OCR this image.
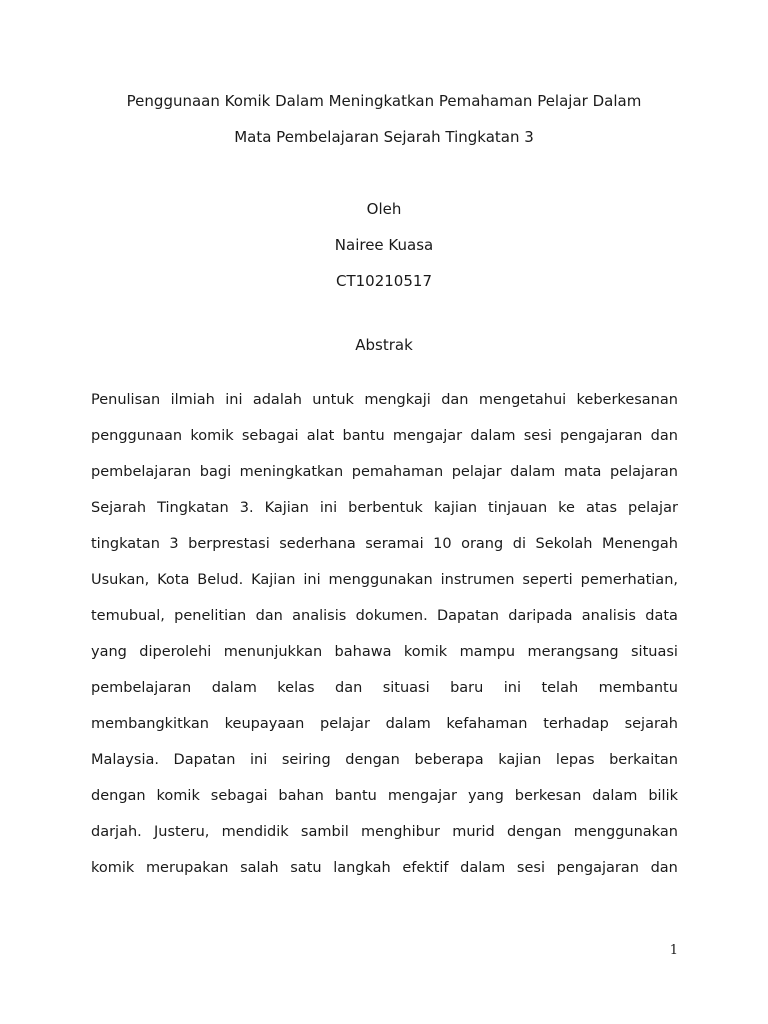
Penggunaan Komik Dalam Meningkatkan Pemahaman Pelajar Dalam
Mata Pembelajaran Sejarah Tingkatan 3
Oleh
Nairee Kuasa
CT10210517
Abstrak
Penulisan ilmiah ini adalah untuk mengkaji dan mengetahui keberkesanan
penggunaan komik sebagai alat bantu mengajar dalam sesi pengajaran dan
pembelajaran bagi meningkatkan pemahaman pelajar dalam mata pelajaran
Sejarah Tingkatan 3. Kajian ini berbentuk kajian tinjauan ke atas pelajar
tingkatan 3 berprestasi sederhana seramai 10 orang di Sekolah Menengah
Usukan, Kota Belud. Kajian ini menggunakan instrumen seperti pemerhatian,
temubual, penelitian dan analisis dokumen. Dapatan daripada analisis data
yang diperolehi menunjukkan bahawa komik mampu merangsang situasi
pembelajaran dalam kelas dan situasi baru ini telah membantu
membangkitkan keupayaan pelajar dalam kefahaman terhadap sejarah
Malaysia. Dapatan ini seiring dengan beberapa kajian lepas berkaitan
dengan komik sebagai bahan bantu mengajar yang berkesan dalam bilik
darjah. Justeru, mendidik sambil menghibur murid dengan menggunakan
komik merupakan salah satu langkah efektif dalam sesi pengajaran dan
1
